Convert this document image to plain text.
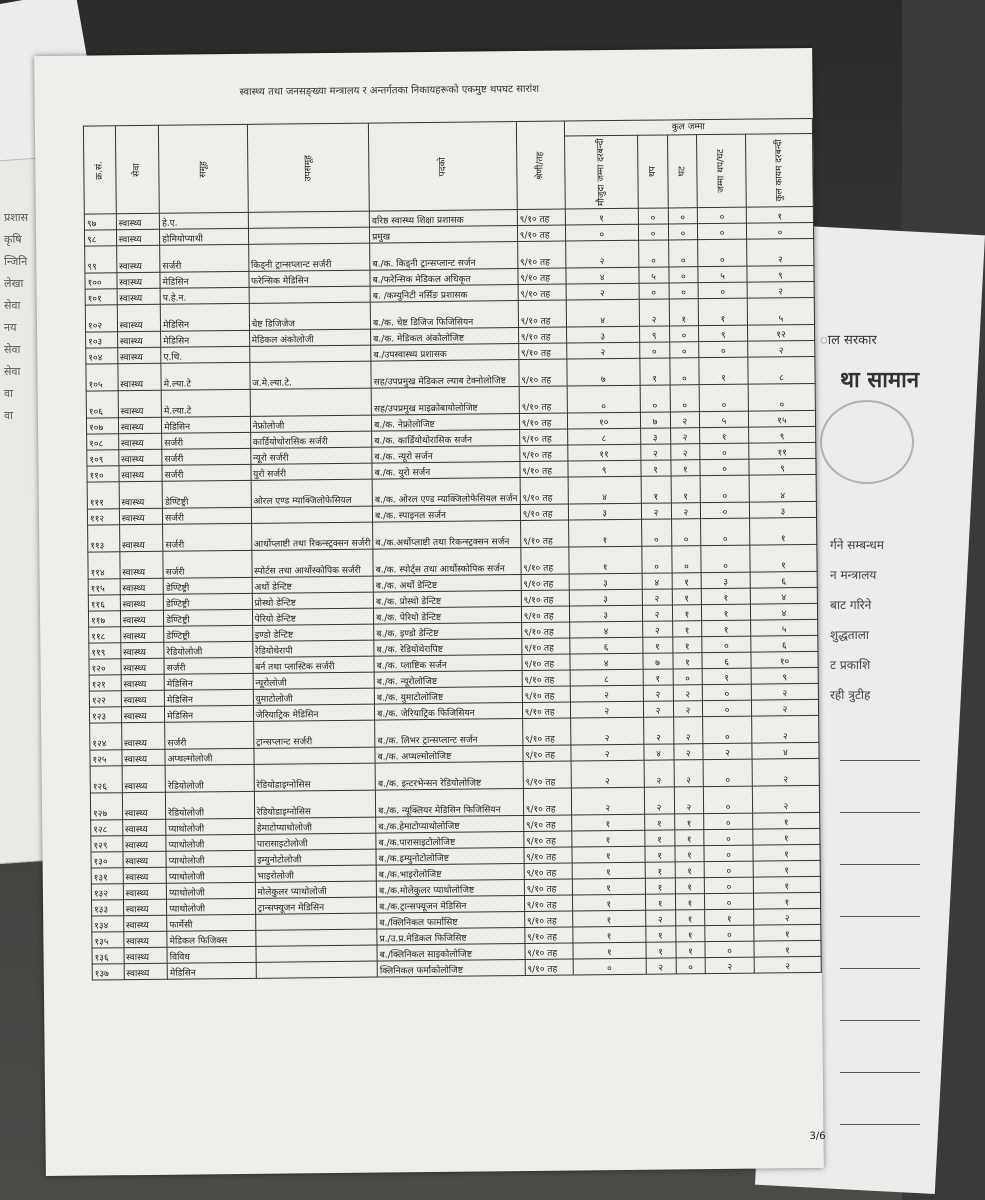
प्रशास
कृषि
न्जिनि
लेखा
सेवा
नय
सेवा
सेवा
वा
वा
ाल सरकार
था सामान
र्गने सम्बन्धम
न मन्त्रालय
बाट गरिने
शुद्धताला
ट प्रकाशि
रही त्रुटीह
स्वास्थ्य तथा जनसङ्ख्या मन्त्रालय र अन्तर्गतका निकायहरूको एकमुष्ट थपघट सारांश
क्र.सं.	सेवा	समूह	उपसमूह	पदको	श्रेणी/तह	कुल जम्मा				
						मौजुदा जम्मा दरबन्दी	थप	घट	जम्मा थप/घट	कुल कायम दरबन्दी
९७	स्वास्थ्य	हे.ए.		वरिष्ठ स्वास्थ्य शिक्षा प्रशासक	९/१० तह	१	०	०	०	१
९८	स्वास्थ्य	होमियोप्याथी		प्रमुख	९/१० तह	०	०	०	०	०
९९	स्वास्थ्य	सर्जरी	किड्नी ट्रान्सप्लान्ट सर्जरी	ब./क. किड्नी ट्रान्सप्लान्ट सर्जन	९/१० तह	२	०	०	०	२
१००	स्वास्थ्य	मेडिसिन	फरेन्सिक मेडिसिन	ब./फरेन्सिक मेडिकल अधिकृत	९/१० तह	४	५	०	५	९
१०१	स्वास्थ्य	प.हे.न.		ब. /कम्युनिटी नर्सिङ प्रशासक	९/१० तह	२	०	०	०	२
१०२	स्वास्थ्य	मेडिसिन	चेष्ट डिजिजेज	ब./क. चेष्ट डिजिज फिजिसियन	९/१० तह	४	२	१	१	५
१०३	स्वास्थ्य	मेडिसिन	मेडिकल अंकोलोजी	ब./क. मेडिकल अंकोलोजिष्ट	९/१० तह	३	९	०	९	१२
१०४	स्वास्थ्य	ए.थि.		ब./उपस्वास्थ्य प्रशासक	९/१० तह	२	०	०	०	२
१०५	स्वास्थ्य	मे.ल्या.टे	ज.मे.ल्या.टे.	सह/उपप्रमुख मेडिकल ल्याब टेक्नोलोजिष्ट	९/१० तह	७	१	०	१	८
१०६	स्वास्थ्य	मे.ल्या.टे		सह/उपप्रमुख माइक्रोबायोलोजिष्ट	९/१० तह	०	०	०	०	०
१०७	स्वास्थ्य	मेडिसिन	नेफ्रोलोजी	ब./क. नेफ्रोलोजिष्ट	९/१० तह	१०	७	२	५	१५
१०८	स्वास्थ्य	सर्जरी	कार्डियोथोरासिक सर्जरी	ब./क. कार्डियोथोरासिक सर्जन	९/१० तह	८	३	२	१	९
१०९	स्वास्थ्य	सर्जरी	न्यूरो सर्जरी	ब./क. न्यूरो सर्जन	९/१० तह	११	२	२	०	११
११०	स्वास्थ्य	सर्जरी	युरो सर्जरी	ब./क. युरो सर्जन	९/१० तह	९	१	१	०	९
१११	स्वास्थ्य	डेण्टिष्ट्री	ओरल एण्ड म्याक्जिलोफेसियल	ब./क. ओरल एण्ड म्याक्जिलोफेसियल सर्जन	९/१० तह	४	१	१	०	४
११२	स्वास्थ्य	सर्जरी		ब./क. स्पाइनल सर्जन	९/१० तह	३	२	२	०	३
११३	स्वास्थ्य	सर्जरी	आर्थोप्लाष्टी तथा रिकन्स्ट्रक्सन सर्जरी	ब./क.अर्थोप्लाष्टी तथा रिकन्स्ट्रक्सन सर्जन	९/१० तह	१	०	०	०	१
११४	स्वास्थ्य	सर्जरी	स्पोर्टस तथा आर्थोस्कोपिक सर्जरी	ब./क. स्पोर्ट्स तथा आर्थोस्कोपिक सर्जन	९/१० तह	१	०	०	०	१
११५	स्वास्थ्य	डेण्टिष्ट्री	अर्थो डेन्टिष्ट	ब./क. अर्थो डेन्टिष्ट	९/१० तह	३	४	१	३	६
११६	स्वास्थ्य	डेण्टिष्ट्री	प्रोस्थो डेन्टिष्ट	ब./क. प्रोस्थो डेन्टिष्ट	९/१० तह	३	२	१	१	४
११७	स्वास्थ्य	डेण्टिष्ट्री	पेरियो डेन्टिष्ट	ब./क. पेरियो डेन्टिष्ट	९/१० तह	३	२	१	१	४
११८	स्वास्थ्य	डेण्टिष्ट्री	इण्डो डेन्टिष्ट	ब./क. इण्डो डेन्टिष्ट	९/१० तह	४	२	१	१	५
११९	स्वास्थ्य	रेडियोलोजी	रेडियोथेरापी	ब./क. रेडियोथेरापिष्ट	९/१० तह	६	१	१	०	६
१२०	स्वास्थ्य	सर्जरी	बर्न तथा प्लास्टिक सर्जरी	ब./क. प्लाष्टिक सर्जन	९/१० तह	४	७	१	६	१०
१२१	स्वास्थ्य	मेडिसिन	न्यूरोलोजी	ब./क. न्यूरोलोजिष्ट	९/१० तह	८	१	०	१	९
१२२	स्वास्थ्य	मेडिसिन	युमाटोलोजी	ब./क. युमाटोलोजिष्ट	९/१० तह	२	२	२	०	२
१२३	स्वास्थ्य	मेडिसिन	जेरियाट्रिक मेडिसिन	ब./क. जेरियाट्रिक फिजिसियन	९/१० तह	२	२	२	०	२
१२४	स्वास्थ्य	सर्जरी	ट्रान्सप्लान्ट सर्जरी	ब./क. लिभर ट्रान्सप्लान्ट सर्जन	९/१० तह	२	२	२	०	२
१२५	स्वास्थ्य	अप्थल्मोलोजी		ब./क. अप्थल्मोलोजिष्ट	९/१० तह	२	४	२	२	४
१२६	स्वास्थ्य	रेडियोलोजी	रेडियोडाइग्नोसिस	ब./क. इन्टरभेन्सन रेडियोलोजिष्ट	९/१० तह	२	२	२	०	२
१२७	स्वास्थ्य	रेडियोलोजी	रेडियोडाइग्नोसिस	ब./क. न्यूक्लियर मेडिसिन फिजिसियन	९/१० तह	२	२	२	०	२
१२८	स्वास्थ्य	प्याथोलोजी	हेमाटोप्याथोलोजी	ब./क.हेमाटोप्याथोलोजिष्ट	९/१० तह	१	१	१	०	१
१२९	स्वास्थ्य	प्याथोलोजी	पारासाइटोलोजी	ब./क.पारासाइटोलोजिष्ट	९/१० तह	१	१	१	०	१
१३०	स्वास्थ्य	प्याथोलोजी	इम्युनोटोलोजी	ब./क.इम्युनोटोलोजिष्ट	९/१० तह	१	१	१	०	१
१३१	स्वास्थ्य	प्याथोलोजी	भाइरोलोजी	ब./क.भाइरोलोजिष्ट	९/१० तह	१	१	१	०	१
१३२	स्वास्थ्य	प्याथोलोजी	मोलेकुलर प्याथोलोजी	ब./क.मोलेकुलर प्याथोलोजिष्ट	९/१० तह	१	१	१	०	१
१३३	स्वास्थ्य	प्याथोलोजी	ट्रान्सफ्यूजन मेडिसिन	ब./क.ट्रान्सफ्यूजन मेडिसिन	९/१० तह	१	१	१	०	१
१३४	स्वास्थ्य	फार्मेसी		ब./क्लिनिकल फार्मासिष्ट	९/१० तह	१	२	१	१	२
१३५	स्वास्थ्य	मेडिकल फिजिक्स		प्र./उ.प्र.मेडिकल फिजिसिष्ट	९/१० तह	१	१	१	०	१
१३६	स्वास्थ्य	विविध		ब./क्लिनिकल साइकोलोजिष्ट	९/१० तह	१	१	१	०	१
१३७	स्वास्थ्य	मेडिसिन		क्लिनिकल फर्माकोलोजिष्ट	९/१० तह	०	२	०	२	२
3/6
